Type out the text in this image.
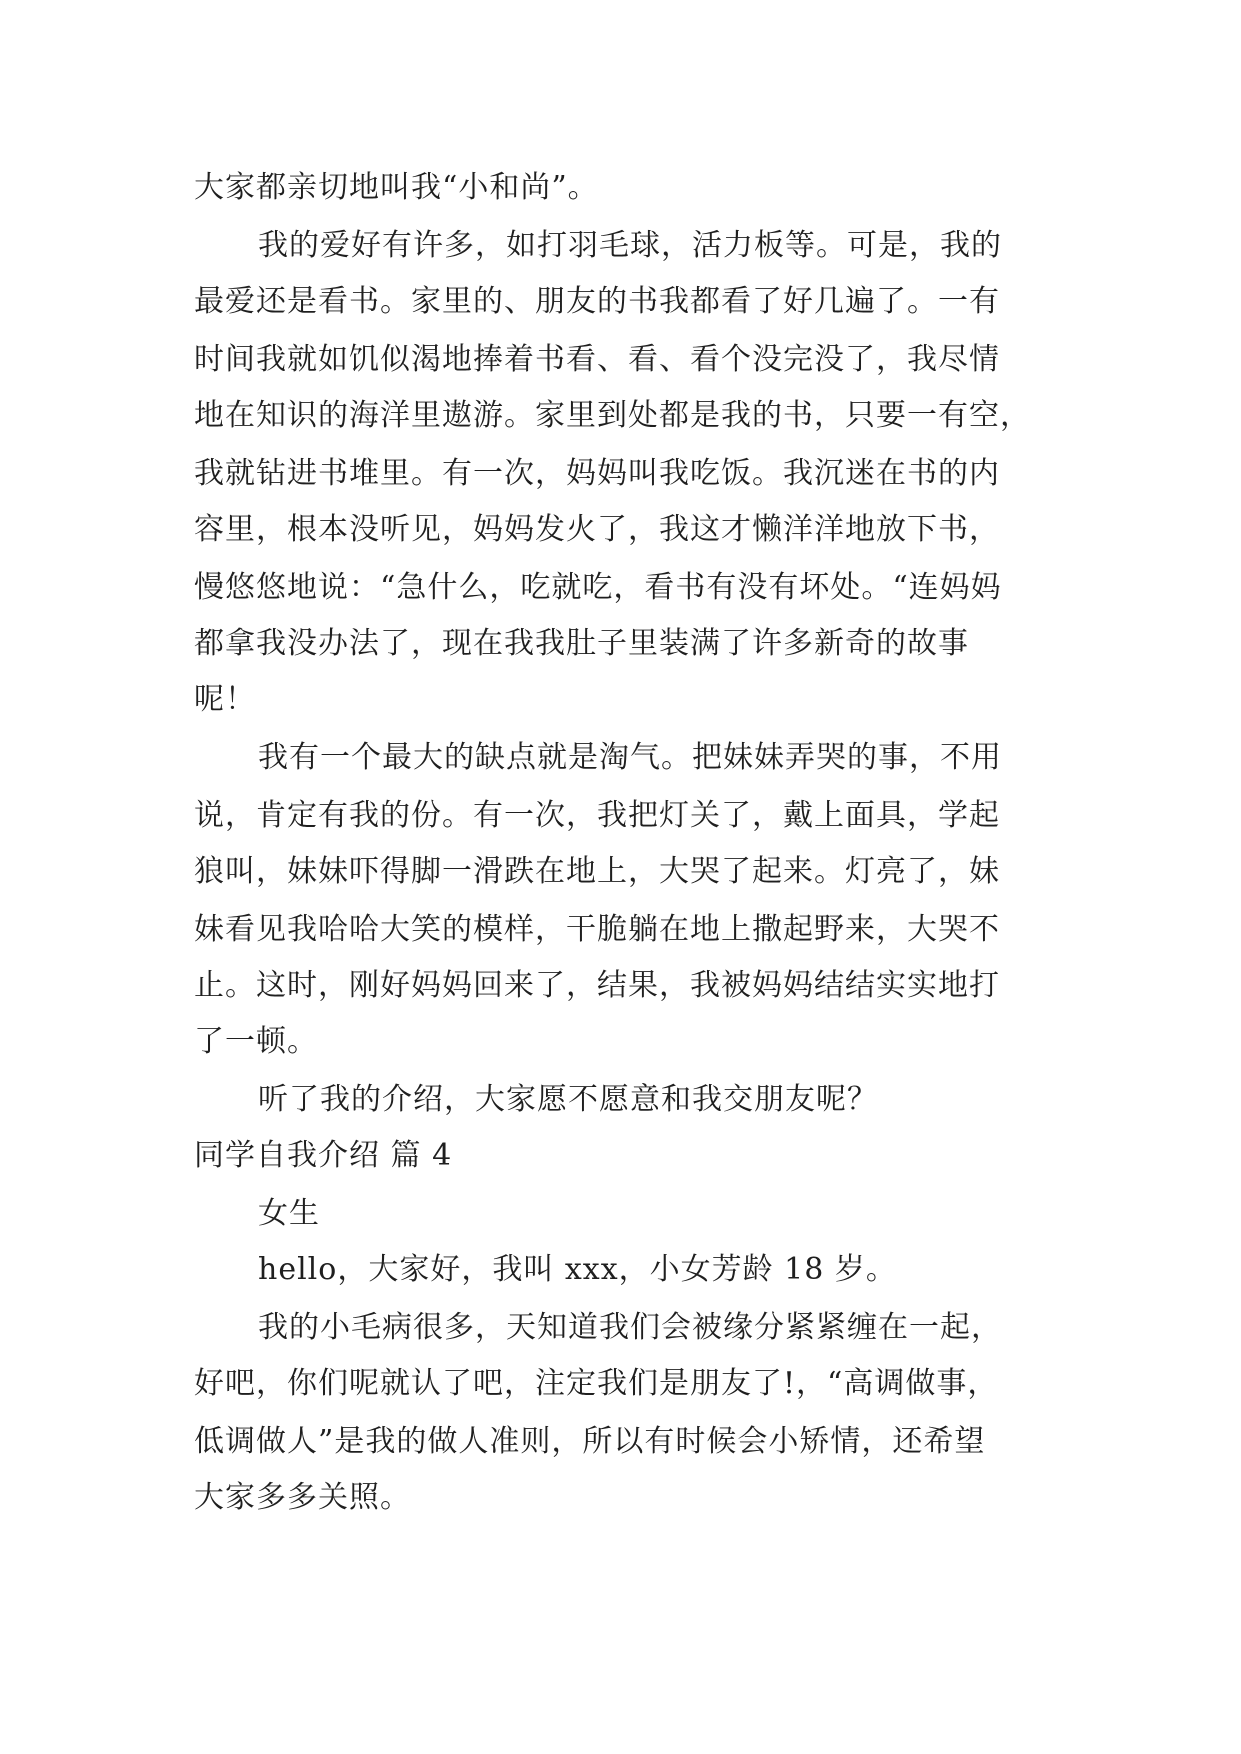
大家都亲切地叫我“小和尚”。
我的爱好有许多，如打羽毛球，活力板等。可是，我的
最爱还是看书。家里的、朋友的书我都看了好几遍了。一有
时间我就如饥似渴地捧着书看、看、看个没完没了，我尽情
地在知识的海洋里遨游。家里到处都是我的书，只要一有空，
我就钻进书堆里。有一次，妈妈叫我吃饭。我沉迷在书的内
容里，根本没听见，妈妈发火了，我这才懒洋洋地放下书，
慢悠悠地说：“急什么，吃就吃，看书有没有坏处。“连妈妈
都拿我没办法了，现在我我肚子里装满了许多新奇的故事
呢！
我有一个最大的缺点就是淘气。把妹妹弄哭的事，不用
说，肯定有我的份。有一次，我把灯关了，戴上面具，学起
狼叫，妹妹吓得脚一滑跌在地上，大哭了起来。灯亮了，妹
妹看见我哈哈大笑的模样，干脆躺在地上撒起野来，大哭不
止。这时，刚好妈妈回来了，结果，我被妈妈结结实实地打
了一顿。
听了我的介绍，大家愿不愿意和我交朋友呢？
同学自我介绍 篇 4
女生
hello，大家好，我叫 xxx，小女芳龄 18 岁。
我的小毛病很多，天知道我们会被缘分紧紧缠在一起，
好吧，你们呢就认了吧，注定我们是朋友了!，“高调做事，
低调做人”是我的做人准则，所以有时候会小矫情，还希望
大家多多关照。
